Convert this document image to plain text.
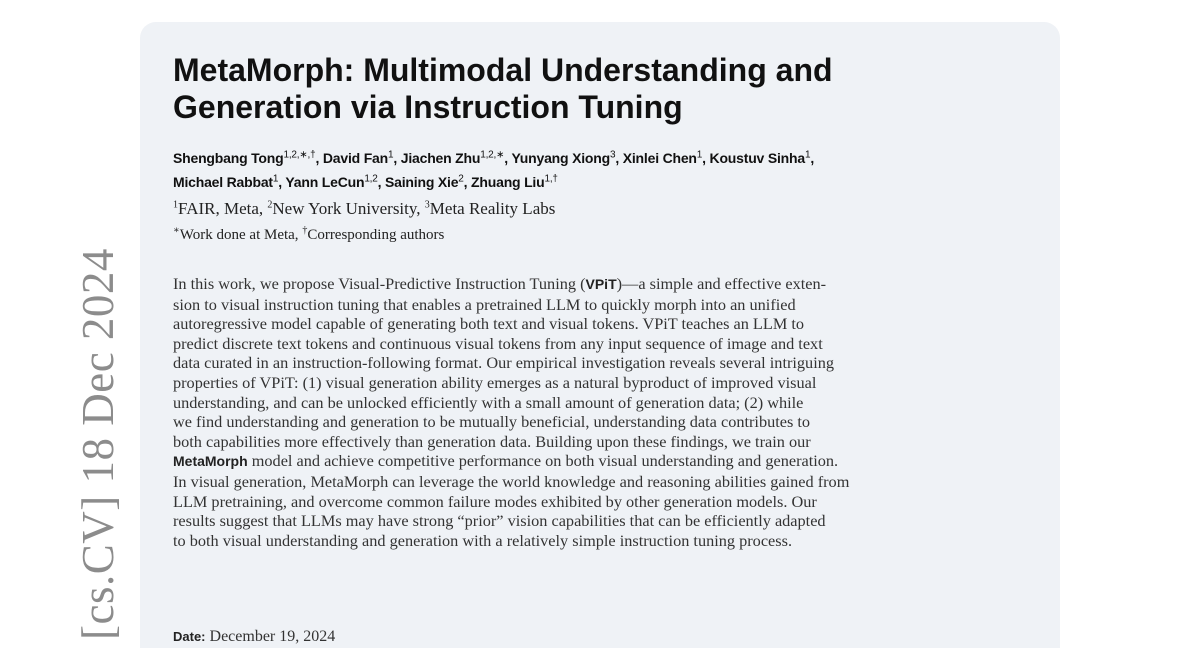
[cs.CV] 18 Dec 2024
MetaMorph: Multimodal Understanding and
Generation via Instruction Tuning
Shengbang Tong$^{1,2,∗,\dagger}$, David Fan$^1$, Jiachen Zhu$^{1,2,∗}$, Yunyang Xiong$^3$, Xinlei Chen$^1$, Koustuv Sinha$^1$,
Michael Rabbat$^1$, Yann LeCun$^{1,2}$, Saining Xie$^2$, Zhuang Liu$^{1,\dagger}$
$^1$FAIR, Meta, $^2$New York University, $^3$Meta Reality Labs
∗Work done at Meta, †Corresponding authors
In this work, we propose Visual-Predictive Instruction Tuning (VPiT)—a simple and effective exten-
sion to visual instruction tuning that enables a pretrained LLM to quickly morph into an unified
autoregressive model capable of generating both text and visual tokens. VPiT teaches an LLM to
predict discrete text tokens and continuous visual tokens from any input sequence of image and text
data curated in an instruction-following format. Our empirical investigation reveals several intriguing
properties of VPiT: (1) visual generation ability emerges as a natural byproduct of improved visual
understanding, and can be unlocked efficiently with a small amount of generation data; (2) while
we find understanding and generation to be mutually beneficial, understanding data contributes to
both capabilities more effectively than generation data. Building upon these findings, we train our
MetaMorph model and achieve competitive performance on both visual understanding and generation.
In visual generation, MetaMorph can leverage the world knowledge and reasoning abilities gained from
LLM pretraining, and overcome common failure modes exhibited by other generation models. Our
results suggest that LLMs may have strong “prior” vision capabilities that can be efficiently adapted
to both visual understanding and generation with a relatively simple instruction tuning process.
Date: December 19, 2024
